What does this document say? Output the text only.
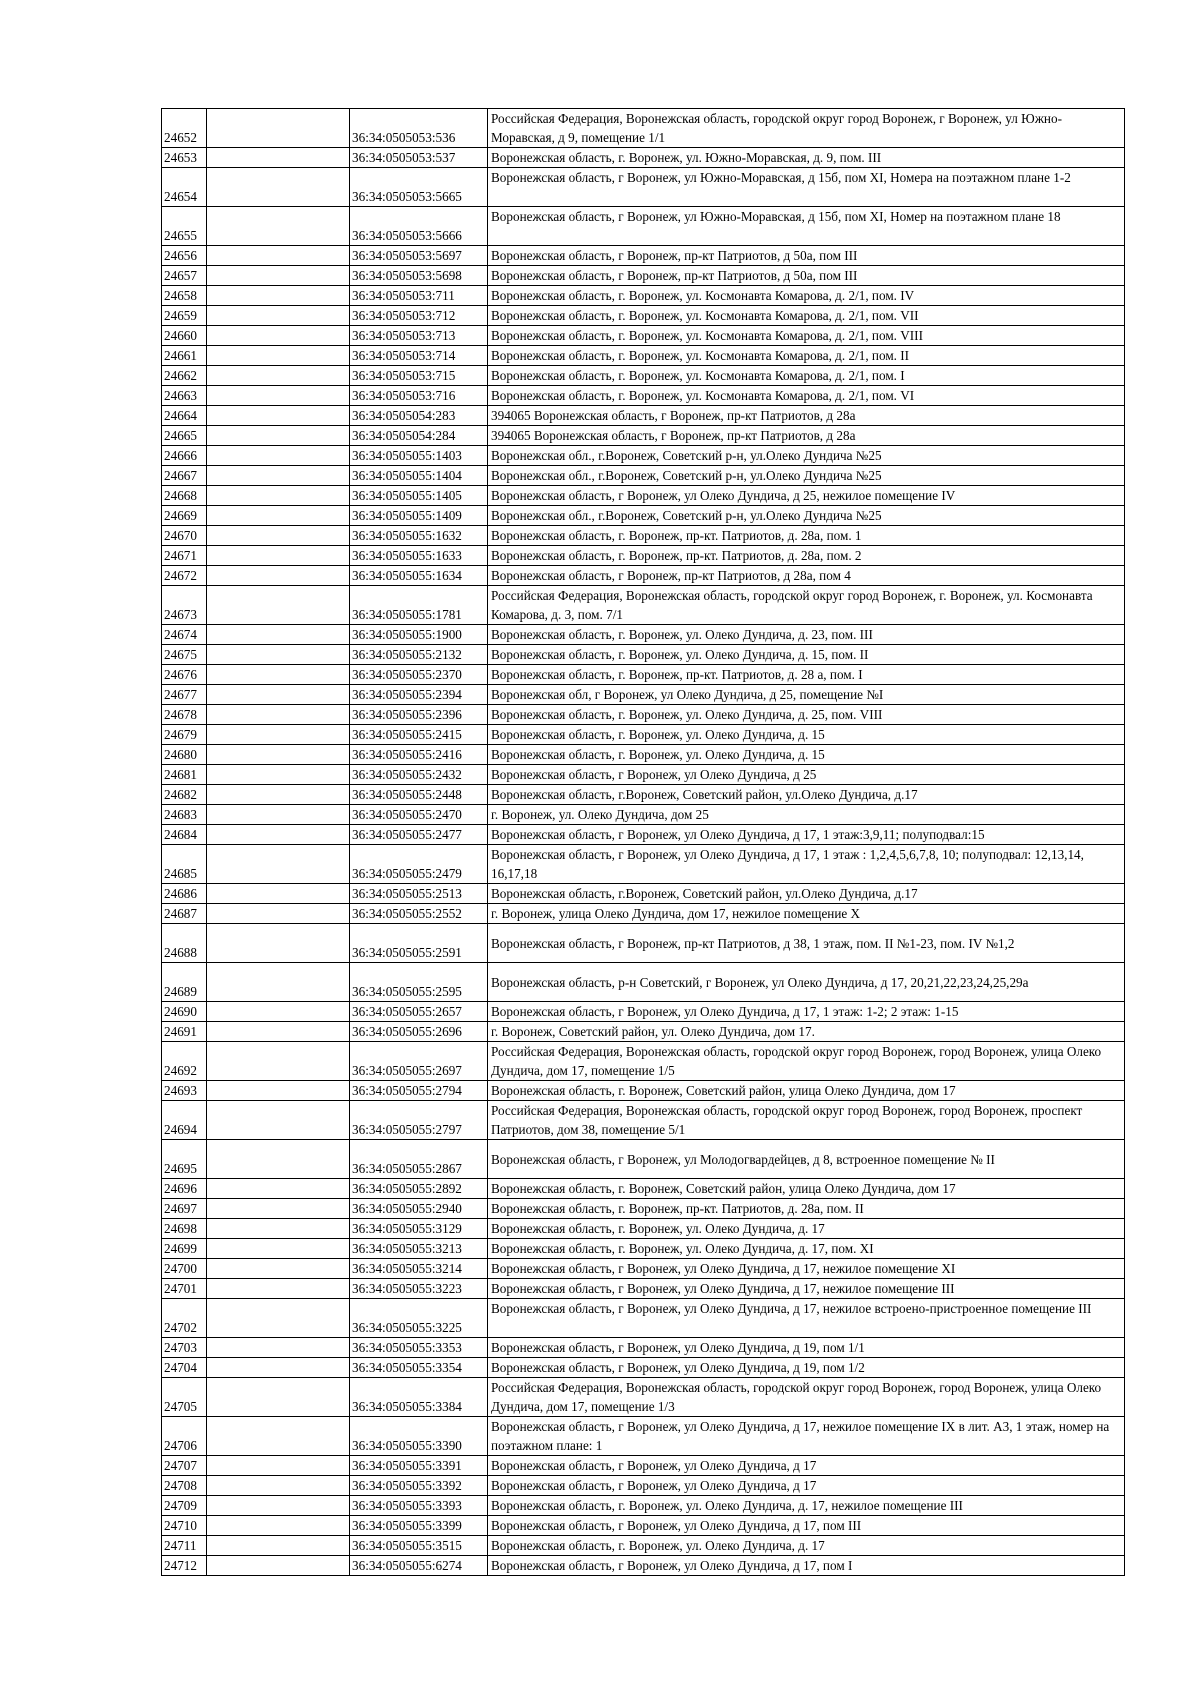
24652		36:34:0505053:536	Российская Федерация, Воронежская область, городской округ город Воронеж, г Воронеж, ул Южно-Моравская, д 9, помещение 1/1
24653		36:34:0505053:537	Воронежская область, г. Воронеж, ул. Южно-Моравская, д. 9, пом. III
24654		36:34:0505053:5665	Воронежская область, г Воронеж, ул Южно-Моравская, д 15б, пом XI, Номера на поэтажном плане 1-2
24655		36:34:0505053:5666	Воронежская область, г Воронеж, ул Южно-Моравская, д 15б, пом XI, Номер на поэтажном плане 18
24656		36:34:0505053:5697	Воронежская область, г Воронеж, пр-кт Патриотов, д 50а, пом III
24657		36:34:0505053:5698	Воронежская область, г Воронеж, пр-кт Патриотов, д 50а, пом III
24658		36:34:0505053:711	Воронежская область, г. Воронеж, ул. Космонавта Комарова, д. 2/1, пом. IV
24659		36:34:0505053:712	Воронежская область, г. Воронеж, ул. Космонавта Комарова, д. 2/1, пом. VII
24660		36:34:0505053:713	Воронежская область, г. Воронеж, ул. Космонавта Комарова, д. 2/1, пом. VIII
24661		36:34:0505053:714	Воронежская область, г. Воронеж, ул. Космонавта Комарова, д. 2/1, пом. II
24662		36:34:0505053:715	Воронежская область, г. Воронеж, ул. Космонавта Комарова, д. 2/1, пом. I
24663		36:34:0505053:716	Воронежская область, г. Воронеж, ул. Космонавта Комарова, д. 2/1, пом. VI
24664		36:34:0505054:283	394065 Воронежская область, г Воронеж, пр-кт Патриотов, д 28а
24665		36:34:0505054:284	394065 Воронежская область, г Воронеж, пр-кт Патриотов, д 28а
24666		36:34:0505055:1403	Воронежская обл., г.Воронеж, Советский р-н, ул.Олеко Дундича №25
24667		36:34:0505055:1404	Воронежская обл., г.Воронеж, Советский р-н, ул.Олеко Дундича №25
24668		36:34:0505055:1405	Воронежская область, г Воронеж, ул Олеко Дундича, д 25, нежилое помещение IV
24669		36:34:0505055:1409	Воронежская обл., г.Воронеж, Советский р-н, ул.Олеко Дундича №25
24670		36:34:0505055:1632	Воронежская область, г. Воронеж, пр-кт. Патриотов, д. 28а, пом. 1
24671		36:34:0505055:1633	Воронежская область, г. Воронеж, пр-кт. Патриотов, д. 28а, пом. 2
24672		36:34:0505055:1634	Воронежская область, г Воронеж, пр-кт Патриотов, д 28а, пом 4
24673		36:34:0505055:1781	Российская Федерация, Воронежская область, городской округ город Воронеж, г. Воронеж, ул. Космонавта Комарова, д. 3, пом. 7/1
24674		36:34:0505055:1900	Воронежская область, г. Воронеж, ул. Олеко Дундича, д. 23, пом. III
24675		36:34:0505055:2132	Воронежская область, г. Воронеж, ул. Олеко Дундича, д. 15, пом. II
24676		36:34:0505055:2370	Воронежская область, г. Воронеж, пр-кт. Патриотов, д. 28 а, пом. I
24677		36:34:0505055:2394	Воронежская обл, г Воронеж, ул Олеко Дундича, д 25, помещение №I
24678		36:34:0505055:2396	Воронежская область, г. Воронеж, ул. Олеко Дундича, д. 25, пом. VIII
24679		36:34:0505055:2415	Воронежская область, г. Воронеж, ул. Олеко Дундича, д. 15
24680		36:34:0505055:2416	Воронежская область, г. Воронеж, ул. Олеко Дундича, д. 15
24681		36:34:0505055:2432	Воронежская область, г Воронеж, ул Олеко Дундича, д 25
24682		36:34:0505055:2448	Воронежская область, г.Воронеж, Советский район, ул.Олеко Дундича, д.17
24683		36:34:0505055:2470	г. Воронеж, ул. Олеко Дундича, дом 25
24684		36:34:0505055:2477	Воронежская область, г Воронеж, ул Олеко Дундича, д 17, 1 этаж:3,9,11; полуподвал:15
24685		36:34:0505055:2479	Воронежская область, г Воронеж, ул Олеко Дундича, д 17, 1 этаж : 1,2,4,5,6,7,8, 10; полуподвал: 12,13,14, 16,17,18
24686		36:34:0505055:2513	Воронежская область, г.Воронеж, Советский район, ул.Олеко Дундича, д.17
24687		36:34:0505055:2552	г. Воронеж, улица Олеко Дундича, дом 17, нежилое помещение X
24688		36:34:0505055:2591	Воронежская область, г Воронеж, пр-кт Патриотов, д 38, 1 этаж, пом. II №1-23, пом. IV №1,2
24689		36:34:0505055:2595	Воронежская область, р-н Советский, г Воронеж, ул Олеко Дундича, д 17, 20,21,22,23,24,25,29а
24690		36:34:0505055:2657	Воронежская область, г Воронеж, ул Олеко Дундича, д 17, 1 этаж: 1-2; 2 этаж: 1-15
24691		36:34:0505055:2696	г. Воронеж, Советский район, ул. Олеко Дундича, дом 17.
24692		36:34:0505055:2697	Российская Федерация, Воронежская область, городской округ город Воронеж, город Воронеж, улица Олеко Дундича, дом 17, помещение 1/5
24693		36:34:0505055:2794	Воронежская область, г. Воронеж, Советский район, улица Олеко Дундича, дом 17
24694		36:34:0505055:2797	Российская Федерация, Воронежская область, городской округ город Воронеж, город Воронеж, проспект Патриотов, дом 38, помещение 5/1
24695		36:34:0505055:2867	Воронежская область, г Воронеж, ул Молодогвардейцев, д 8, встроенное помещение № II
24696		36:34:0505055:2892	Воронежская область, г. Воронеж, Советский район, улица Олеко Дундича, дом 17
24697		36:34:0505055:2940	Воронежская область, г. Воронеж, пр-кт. Патриотов, д. 28а, пом. II
24698		36:34:0505055:3129	Воронежская область, г. Воронеж, ул. Олеко Дундича, д. 17
24699		36:34:0505055:3213	Воронежская область, г. Воронеж, ул. Олеко Дундича, д. 17, пом. XI
24700		36:34:0505055:3214	Воронежская область, г Воронеж, ул Олеко Дундича, д 17, нежилое помещение XI
24701		36:34:0505055:3223	Воронежская область, г Воронеж, ул Олеко Дундича, д 17, нежилое помещение III
24702		36:34:0505055:3225	Воронежская область, г Воронеж, ул Олеко Дундича, д 17, нежилое встроено-пристроенное помещение III
24703		36:34:0505055:3353	Воронежская область, г Воронеж, ул Олеко Дундича, д 19, пом 1/1
24704		36:34:0505055:3354	Воронежская область, г Воронеж, ул Олеко Дундича, д 19, пом 1/2
24705		36:34:0505055:3384	Российская Федерация, Воронежская область, городской округ город Воронеж, город Воронеж, улица Олеко Дундича, дом 17, помещение 1/3
24706		36:34:0505055:3390	Воронежская область, г Воронеж, ул Олеко Дундича, д 17, нежилое помещение IX в лит. А3, 1 этаж, номер на поэтажном плане: 1
24707		36:34:0505055:3391	Воронежская область, г Воронеж, ул Олеко Дундича, д 17
24708		36:34:0505055:3392	Воронежская область, г Воронеж, ул Олеко Дундича, д 17
24709		36:34:0505055:3393	Воронежская область, г. Воронеж, ул. Олеко Дундича, д. 17, нежилое помещение III
24710		36:34:0505055:3399	Воронежская область, г Воронеж, ул Олеко Дундича, д 17, пом III
24711		36:34:0505055:3515	Воронежская область, г. Воронеж, ул. Олеко Дундича, д. 17
24712		36:34:0505055:6274	Воронежская область, г Воронеж, ул Олеко Дундича, д 17, пом I
